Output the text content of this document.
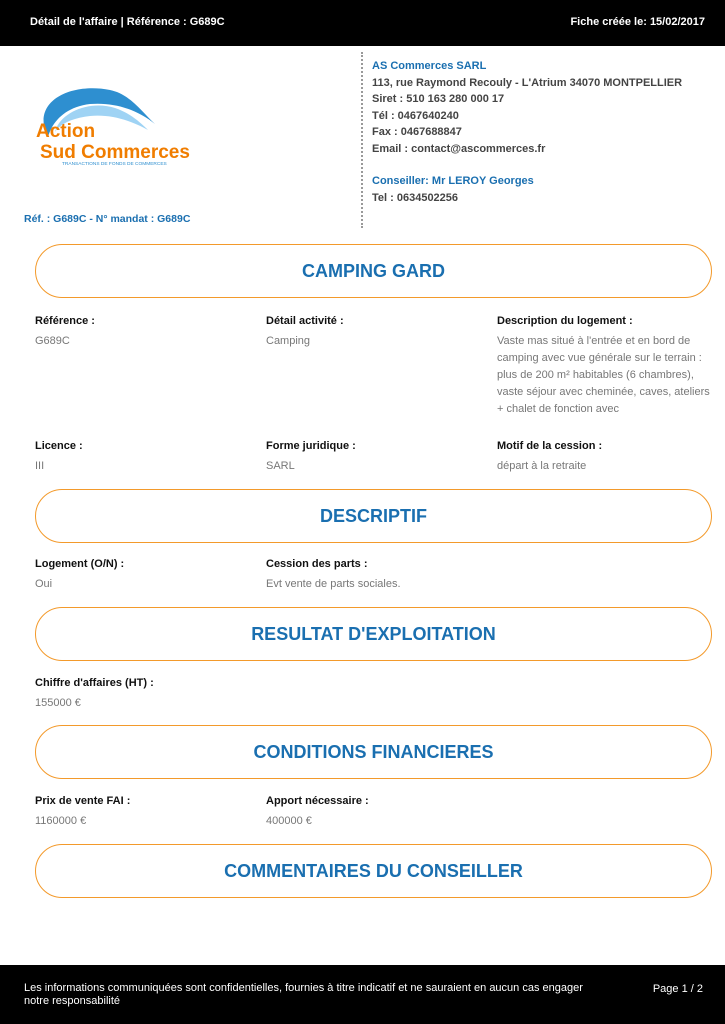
Détail de l'affaire | Référence : G689C	Fiche créée le: 15/02/2017
Action
Sud Commerces
TRANSACTIONS DE FONDS DE COMMERCES
Réf. : G689C - N° mandat : G689C
AS Commerces SARL
113, rue Raymond Recouly - L'Atrium 34070 MONTPELLIER
Siret : 510 163 280 000 17
Tél : 0467640240
Fax : 0467688847
Email : contact@ascommerces.fr
Conseiller: Mr LEROY Georges
Tel : 0634502256
CAMPING GARD
Référence :
G689C
Détail activité :
Camping
Description du logement :
Vaste mas situé à l'entrée et en bord de
camping avec vue générale sur le terrain :
plus de 200 m² habitables (6 chambres),
vaste séjour avec cheminée, caves, ateliers
+ chalet de fonction avec
Licence :
III
Forme juridique :
SARL
Motif de la cession :
départ à la retraite
DESCRIPTIF
Logement (O/N) :
Oui
Cession des parts :
Evt vente de parts sociales.
RESULTAT D'EXPLOITATION
Chiffre d'affaires (HT) :
155000 €
CONDITIONS FINANCIERES
Prix de vente FAI :
1160000 €
Apport nécessaire :
400000 €
COMMENTAIRES DU CONSEILLER
Les informations communiquées sont confidentielles, fournies à titre indicatif et ne sauraient en aucun cas engager notre responsabilité
Page 1 / 2
